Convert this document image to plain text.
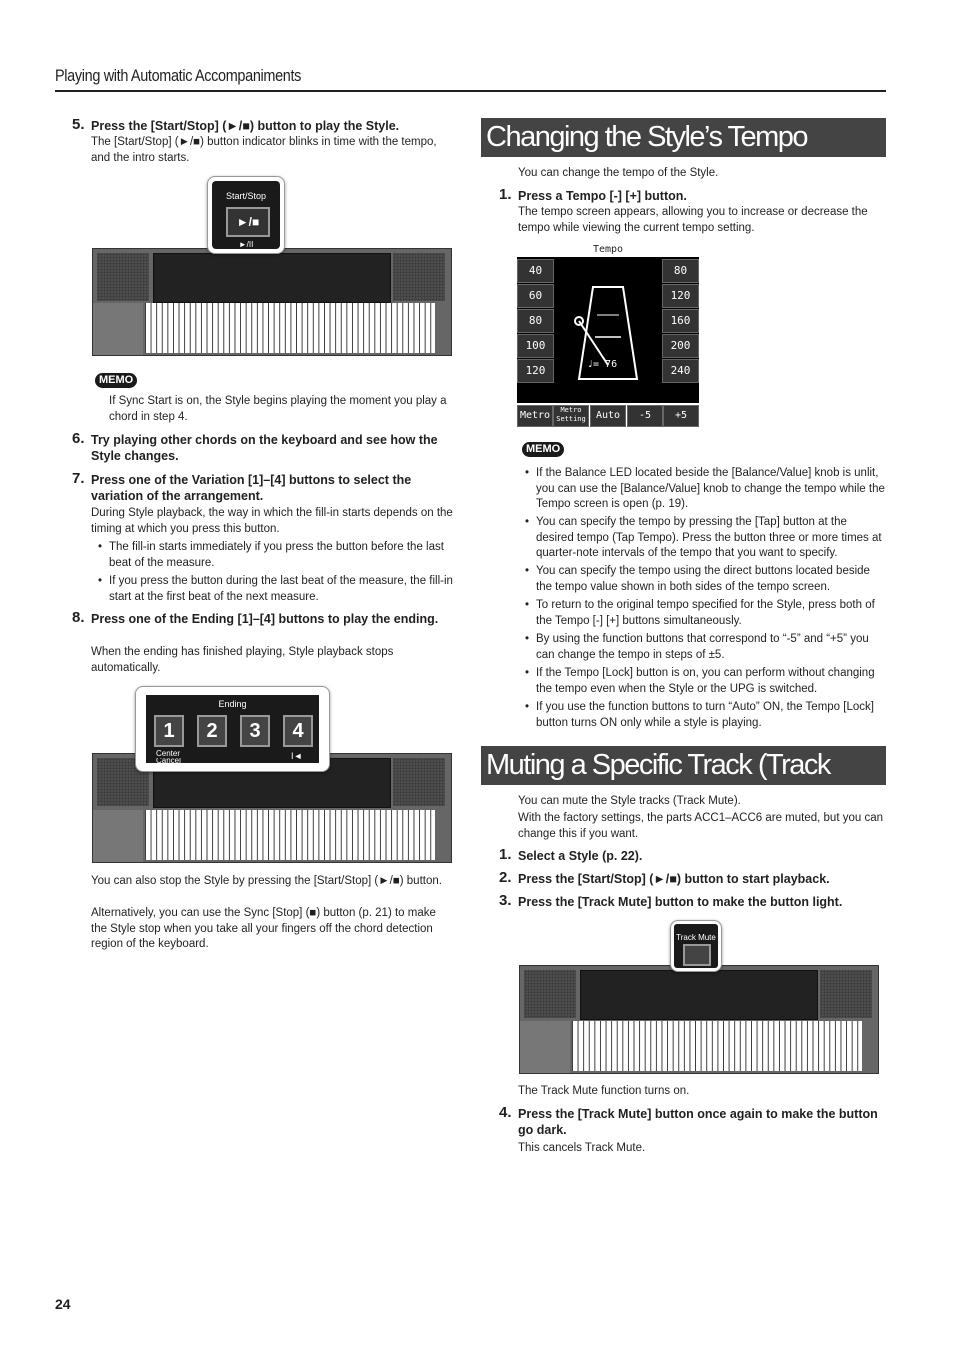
Playing with Automatic Accompaniments
5. Press the [Start/Stop] (►/■) button to play the Style.
The [Start/Stop] (►/■) button indicator blinks in time with the tempo, and the intro starts.
Start/Stop
►/■
►/II
MEMO
If Sync Start is on, the Style begins playing the moment you play a chord in step 4.
6. Try playing other chords on the keyboard and see how the Style changes.
7. Press one of the Variation [1]–[4] buttons to select the variation of the arrangement.
During Style playback, the way in which the fill-in starts depends on the timing at which you press this button.
• The fill-in starts immediately if you press the button before the last beat of the measure.
• If you press the button during the last beat of the measure, the fill-in start at the first beat of the next measure.
8. Press one of the Ending [1]–[4] buttons to play the ending.
When the ending has finished playing, Style playback stops automatically.
Ending
1	2	3	4
Center
Cancel	I◄
You can also stop the Style by pressing the [Start/Stop] (►/■) button.
Alternatively, you can use the Sync [Stop] (■) button (p. 21) to make the Style stop when you take all your fingers off the chord detection region of the keyboard.
Changing the Style’s Tempo
You can change the tempo of the Style.
1. Press a Tempo [-] [+] button.
The tempo screen appears, allowing you to increase or decrease the tempo while viewing the current tempo setting.
Tempo
40
60
80
100
120
80
120
160
200
240
♩= 76
Metro	Metro Setting	Auto	-5	+5
MEMO
• If the Balance LED located beside the [Balance/Value] knob is unlit, you can use the [Balance/Value] knob to change the tempo while the Tempo screen is open (p. 19).
• You can specify the tempo by pressing the [Tap] button at the desired tempo (Tap Tempo). Press the button three or more times at quarter-note intervals of the tempo that you want to specify.
• You can specify the tempo using the direct buttons located beside the tempo value shown in both sides of the tempo screen.
• To return to the original tempo specified for the Style, press both of the Tempo [-] [+] buttons simultaneously.
• By using the function buttons that correspond to “-5” and “+5” you can change the tempo in steps of ±5.
• If the Tempo [Lock] button is on, you can perform without changing the tempo even when the Style or the UPG is switched.
• If you use the function buttons to turn “Auto” ON, the Tempo [Lock] button turns ON only while a style is playing.
Muting a Specific Track (Track Mute)
You can mute the Style tracks (Track Mute).
With the factory settings, the parts ACC1–ACC6 are muted, but you can change this if you want.
1. Select a Style (p. 22).
2. Press the [Start/Stop] (►/■) button to start playback.
3. Press the [Track Mute] button to make the button light.
Track Mute
The Track Mute function turns on.
4. Press the [Track Mute] button once again to make the button go dark.
This cancels Track Mute.
24
